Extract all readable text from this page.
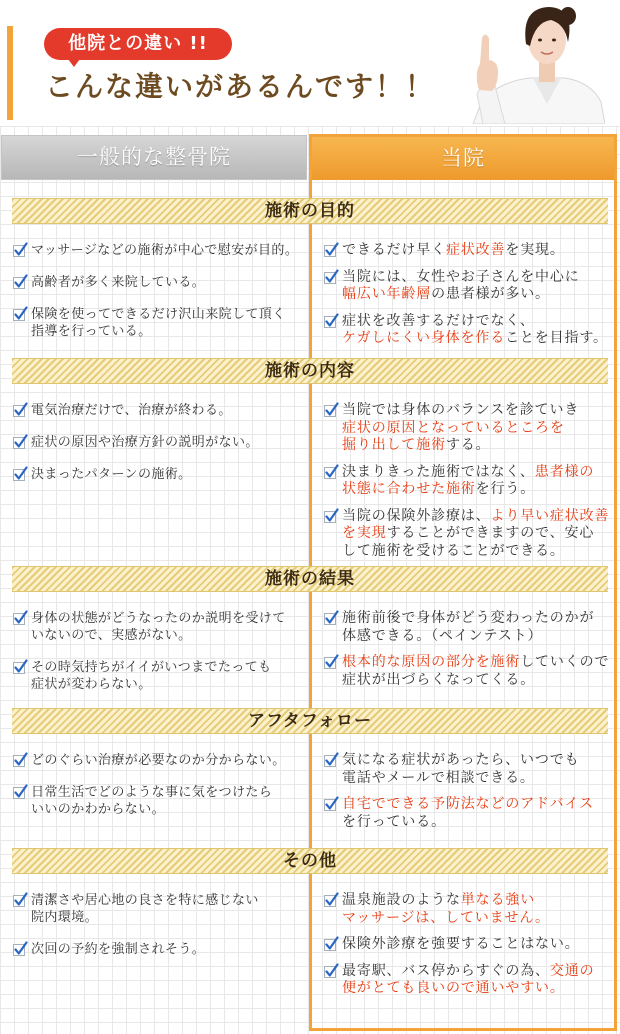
他院との違い !!
こんな違いがあるんです！！
一般的な整骨院	当院
施術の目的
マッサージなどの施術が中心で慰安が目的。
高齢者が多く来院している。
保険を使ってできるだけ沢山来院して頂く
指導を行っている。
できるだけ早く症状改善を実現。
当院には、女性やお子さんを中心に
幅広い年齢層の患者様が多い。
症状を改善するだけでなく、
ケガしにくい身体を作ることを目指す。
施術の内容
電気治療だけで、治療が終わる。
症状の原因や治療方針の説明がない。
決まったパターンの施術。
当院では身体のバランスを診ていき
症状の原因となっているところを
掘り出して施術する。
決まりきった施術ではなく、患者様の
状態に合わせた施術を行う。
当院の保険外診療は、より早い症状改善
を実現することができますので、安心
して施術を受けることができる。
施術の結果
身体の状態がどうなったのか説明を受けて
いないので、実感がない。
その時気持ちがイイがいつまでたっても
症状が変わらない。
施術前後で身体がどう変わったのかが
体感できる。（ペインテスト）
根本的な原因の部分を施術していくので
症状が出づらくなってくる。
アフタフォロー
どのぐらい治療が必要なのか分からない。
日常生活でどのような事に気をつけたら
いいのかわからない。
気になる症状があったら、いつでも
電話やメールで相談できる。
自宅でできる予防法などのアドバイス
を行っている。
その他
清潔さや居心地の良さを特に感じない
院内環境。
次回の予約を強制されそう。
温泉施設のような単なる強い
マッサージは、していません。
保険外診療を強要することはない。
最寄駅、バス停からすぐの為、交通の
便がとても良いので通いやすい。
